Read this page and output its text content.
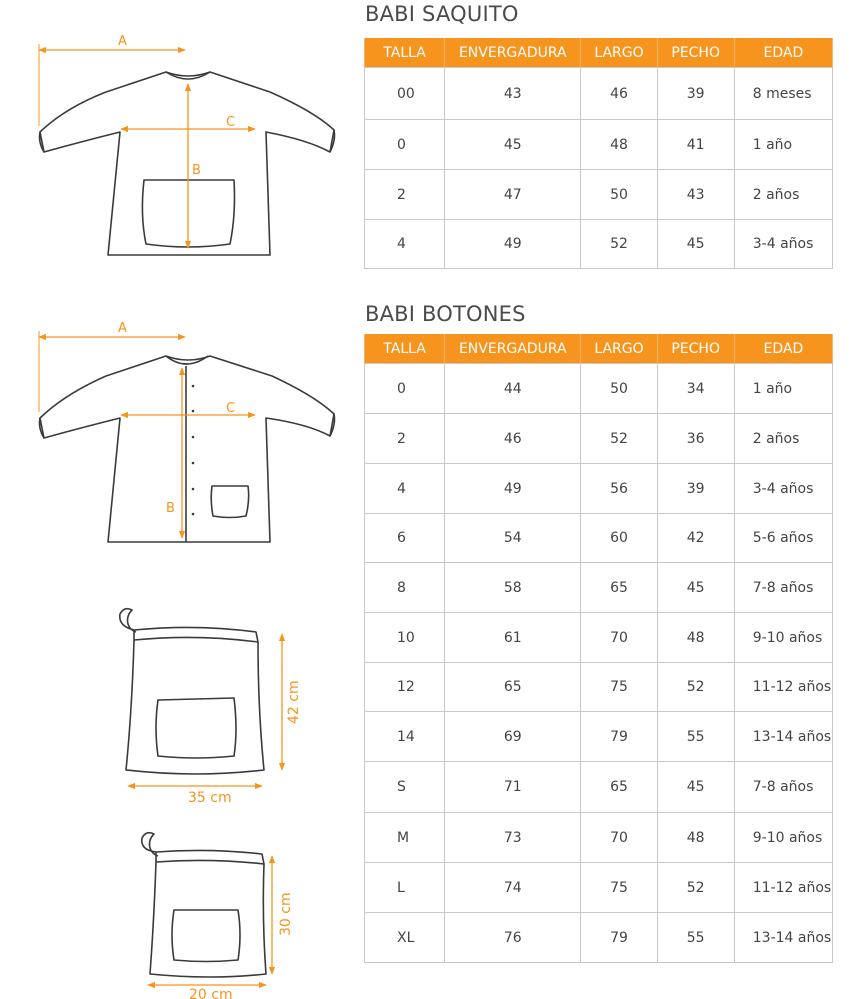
BABI SAQUITO
BABI BOTONES
TALLA	ENVERGADURA	LARGO	PECHO	EDAD
00	43	46	39	8 meses
0	45	48	41	1 año
2	47	50	43	2 años
4	49	52	45	3-4 años
TALLA	ENVERGADURA	LARGO	PECHO	EDAD
0	44	50	34	1 año
2	46	52	36	2 años
4	49	56	39	3-4 años
6	54	60	42	5-6 años
8	58	65	45	7-8 años
10	61	70	48	9-10 años
12	65	75	52	11-12 años
14	69	79	55	13-14 años
S	71	65	45	7-8 años
M	73	70	48	9-10 años
L	74	75	52	11-12 años
XL	76	79	55	13-14 años
A
B
C
A
B
C
35 cm
42 cm
20 cm
30 cm
